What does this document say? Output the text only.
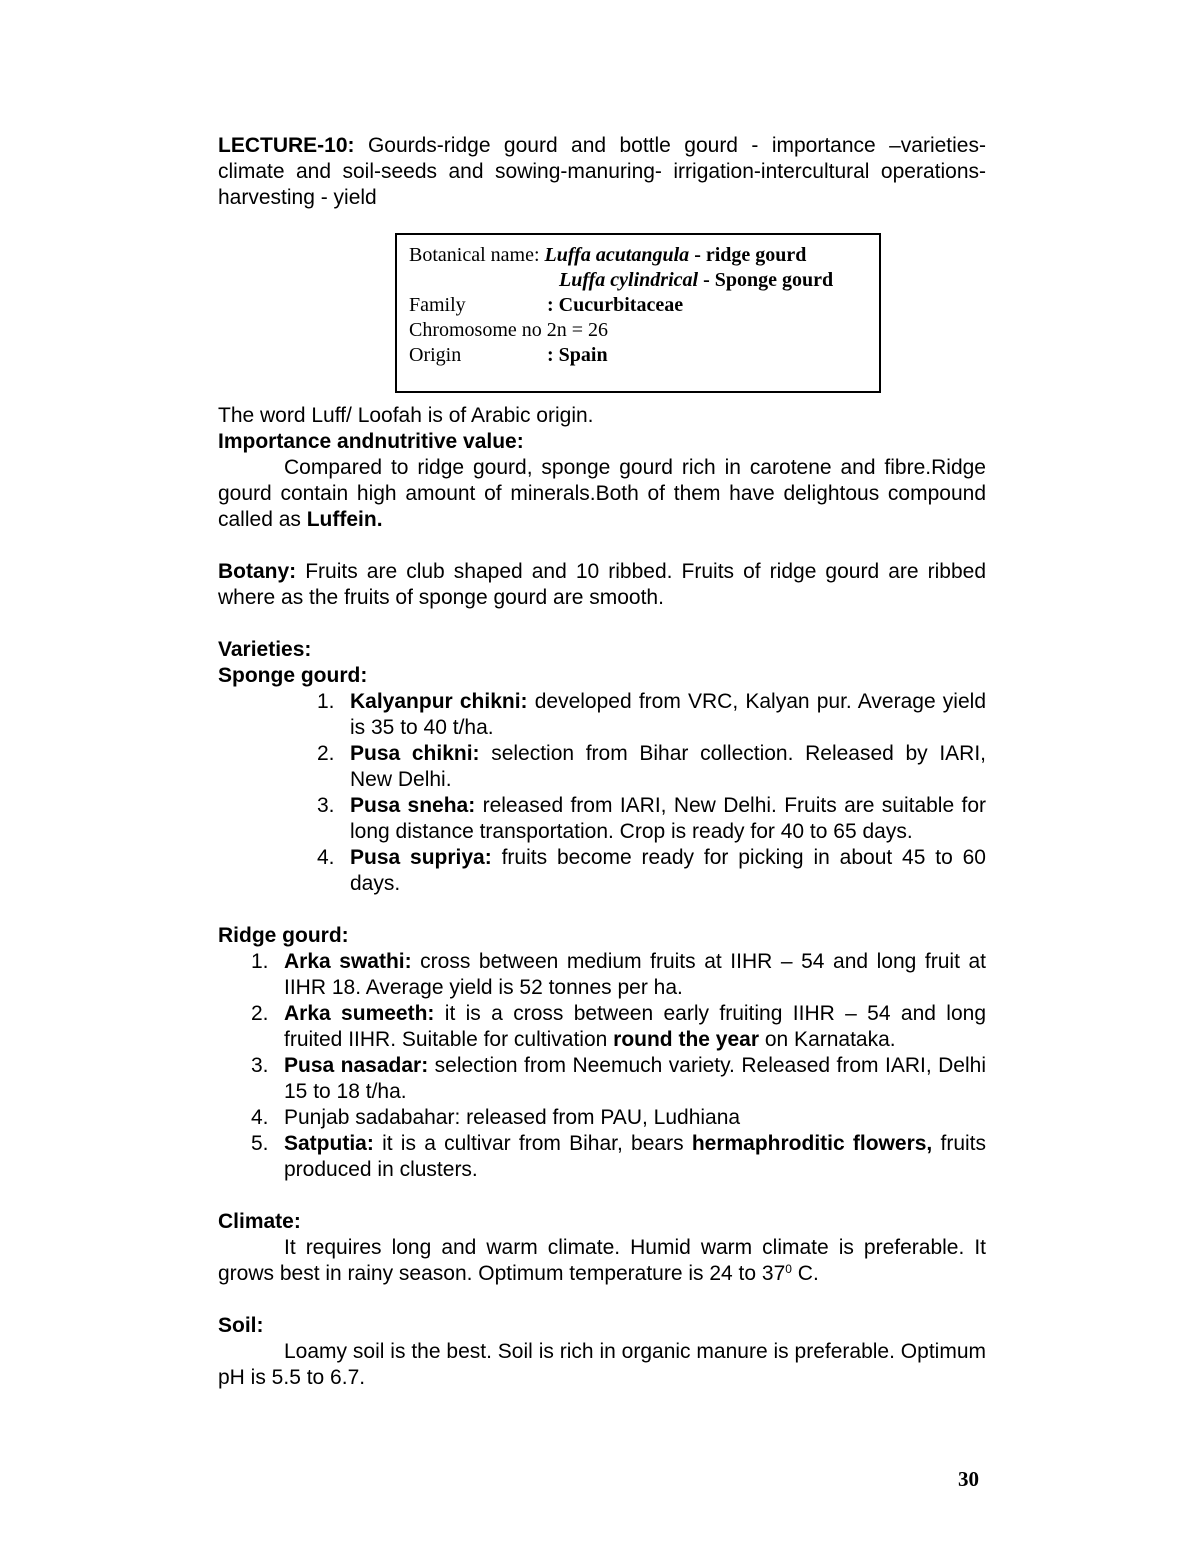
LECTURE-10: Gourds-ridge gourd and bottle gourd - importance –varieties-climate and soil-seeds and sowing-manuring- irrigation-intercultural operations-harvesting - yield

Botanical name: Luffa acutangula - ridge gourd
Luffa cylindrical - Sponge gourd
Family	: Cucurbitaceae
Chromosome no 2n = 26
Origin	: Spain

The word Luff/ Loofah is of Arabic origin.

Importance andnutritive value:

Compared to ridge gourd, sponge gourd rich in carotene and fibre.Ridge gourd contain high amount of minerals.Both of them have delightous compound called as Luffein.

Botany: Fruits are club shaped and 10 ribbed. Fruits of ridge gourd are ribbed where as the fruits of sponge gourd are smooth.

Varieties:

Sponge gourd:

1. Kalyanpur chikni: developed from VRC, Kalyan pur. Average yield is 35 to 40 t/ha.
2. Pusa chikni: selection from Bihar collection. Released by IARI, New Delhi.
3. Pusa sneha: released from IARI, New Delhi. Fruits are suitable for long distance transportation. Crop is ready for 40 to 65 days.
4. Pusa supriya: fruits become ready for picking in about 45 to 60 days.

Ridge gourd:

1. Arka swathi: cross between medium fruits at IIHR – 54 and long fruit at IIHR 18. Average yield is 52 tonnes per ha.
2. Arka sumeeth: it is a cross between early fruiting IIHR – 54 and long fruited IIHR. Suitable for cultivation round the year on Karnataka.
3. Pusa nasadar: selection from Neemuch variety. Released from IARI, Delhi 15 to 18 t/ha.
4. Punjab sadabahar: released from PAU, Ludhiana
5. Satputia: it is a cultivar from Bihar, bears hermaphroditic flowers, fruits produced in clusters.

Climate:

It requires long and warm climate. Humid warm climate is preferable. It grows best in rainy season. Optimum temperature is 24 to $37^0$ C.

Soil:

Loamy soil is the best. Soil is rich in organic manure is preferable. Optimum pH is 5.5 to 6.7.

30
